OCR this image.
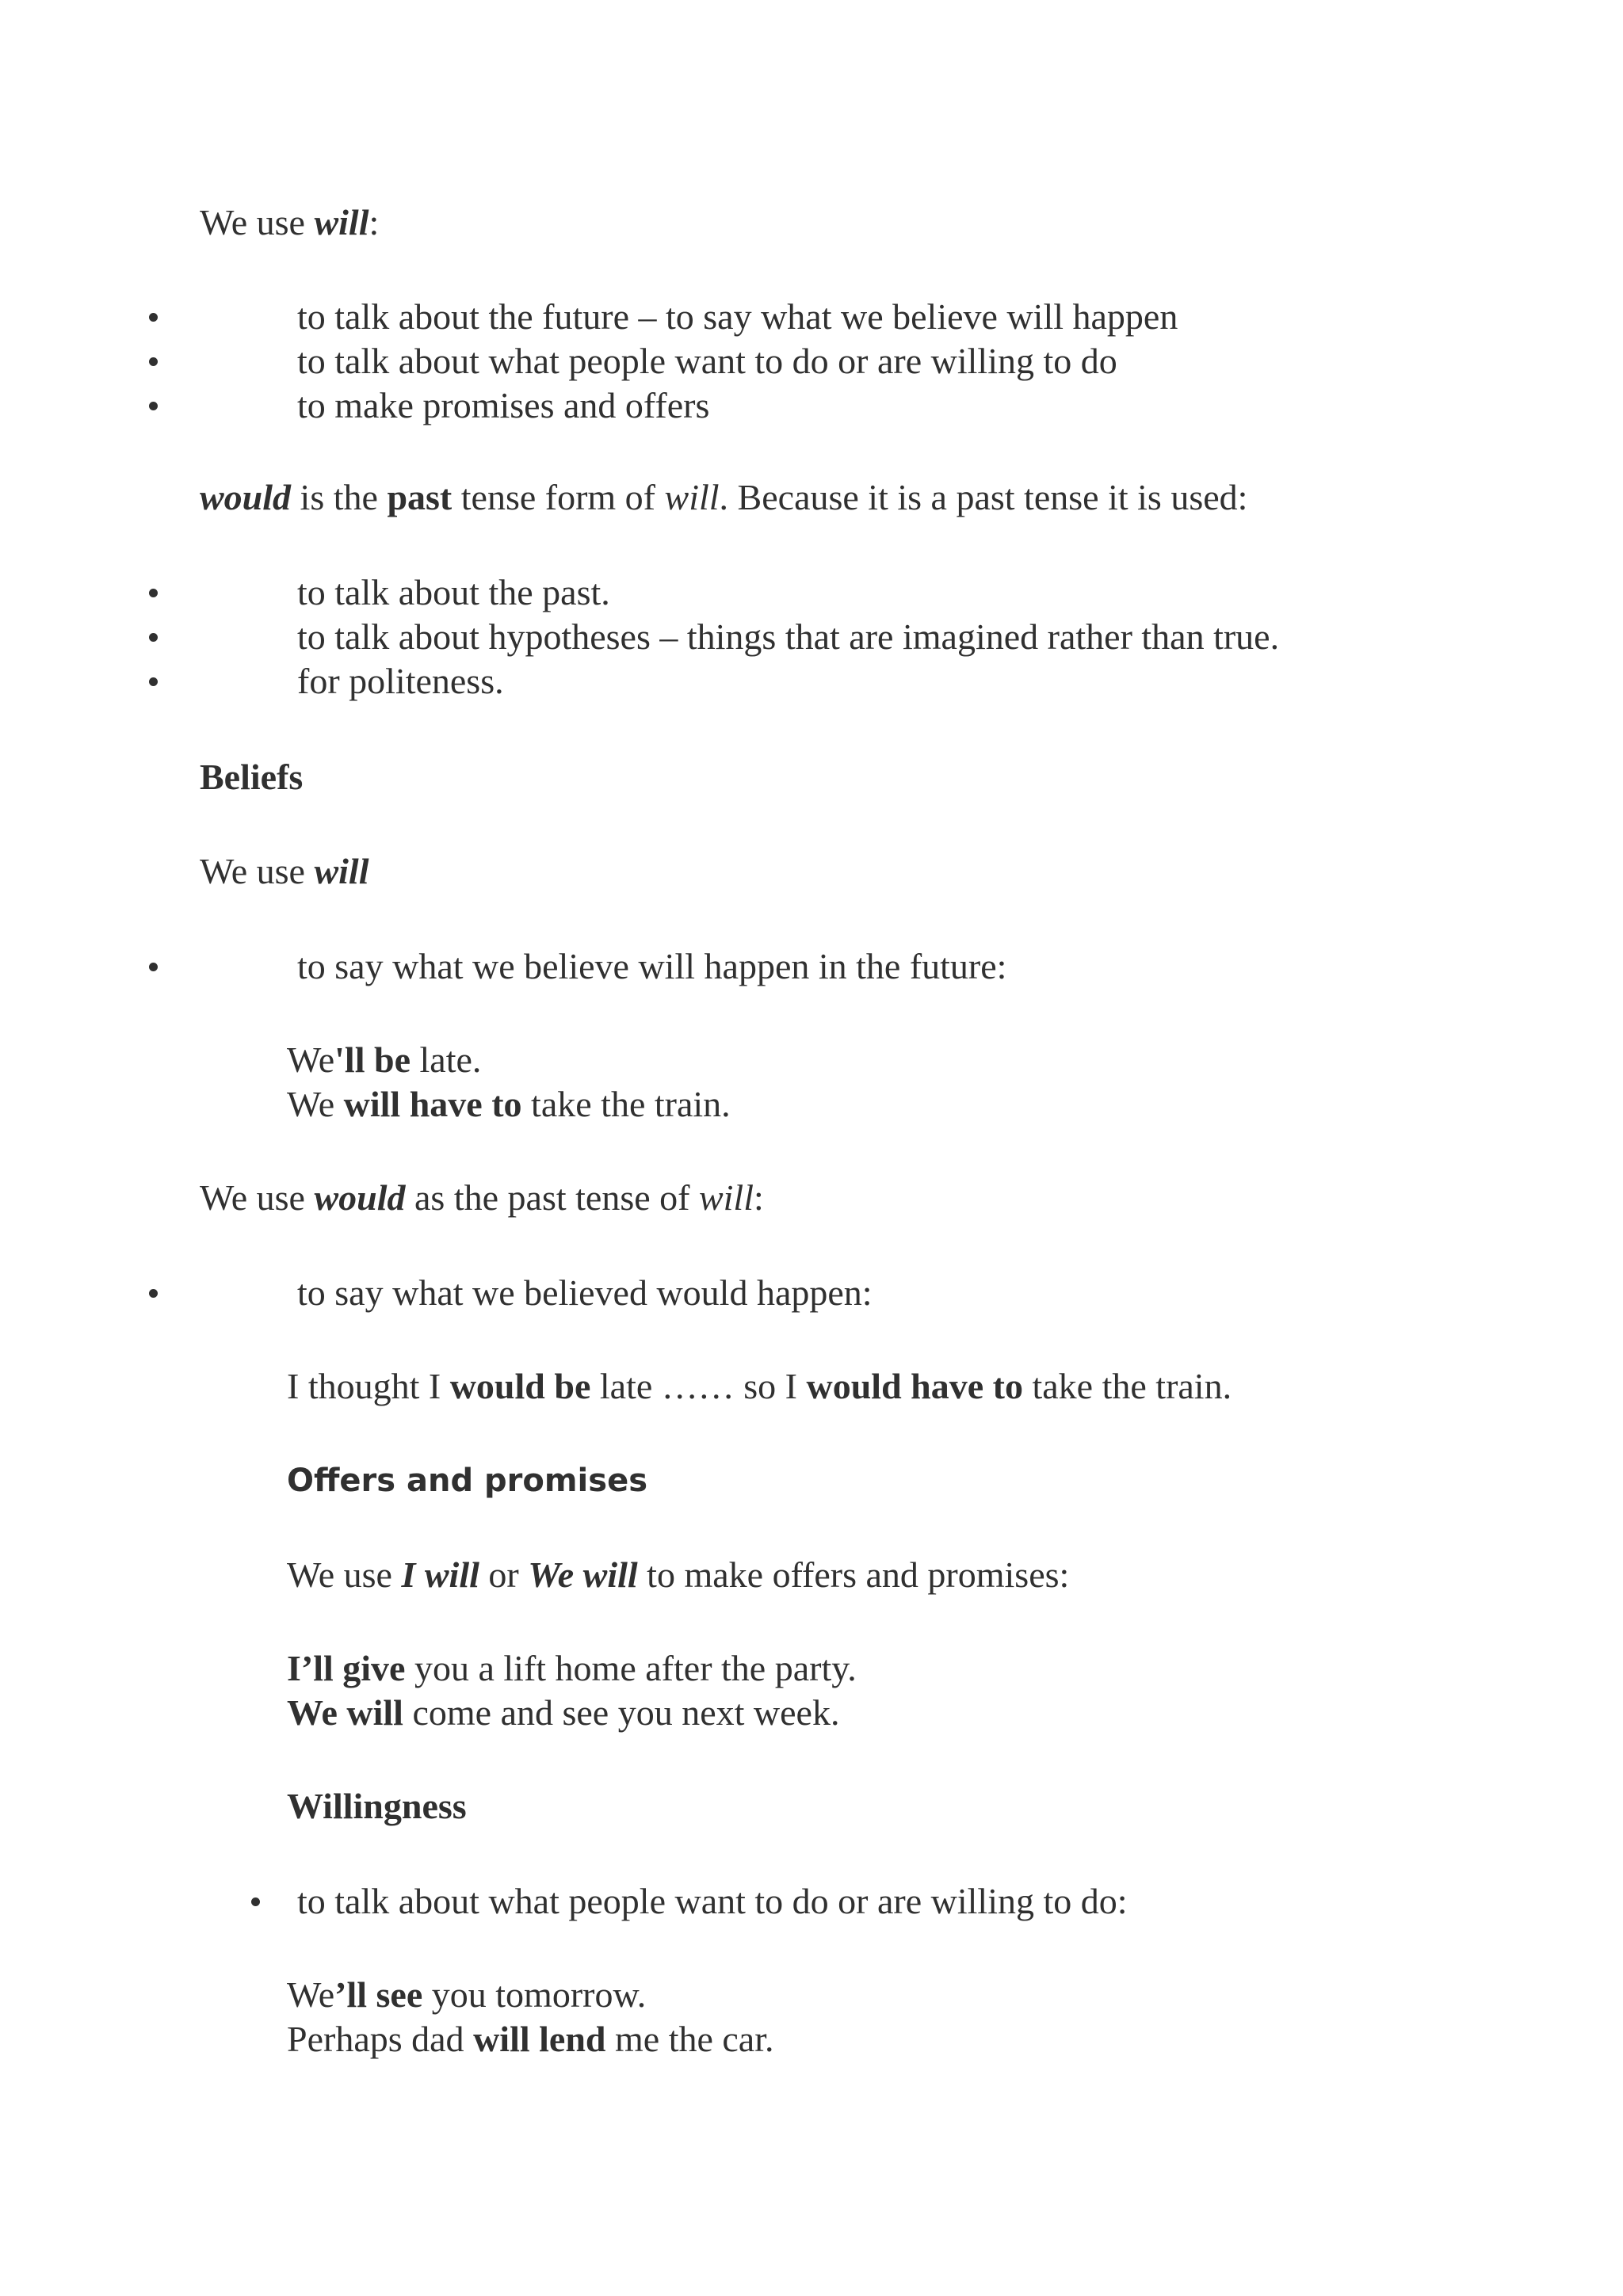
We use will:
to talk about the future – to say what we believe will happen
to talk about what people want to do or are willing to do
to make promises and offers
would is the past tense form of will. Because it is a past tense it is used:
to talk about the past.
to talk about hypotheses – things that are imagined rather than true.
for politeness.
Beliefs
We use will
to say what we believe will happen in the future:
We'll be late.
We will have to take the train.
We use would as the past tense of will:
to say what we believed would happen:
I thought I would be late …… so I would have to take the train.
Offers and promises
We use I will or We will to make offers and promises:
I’ll give you a lift home after the party.
We will come and see you next week.
Willingness
to talk about what people want to do or are willing to do:
We’ll see you tomorrow.
Perhaps dad will lend me the car.
